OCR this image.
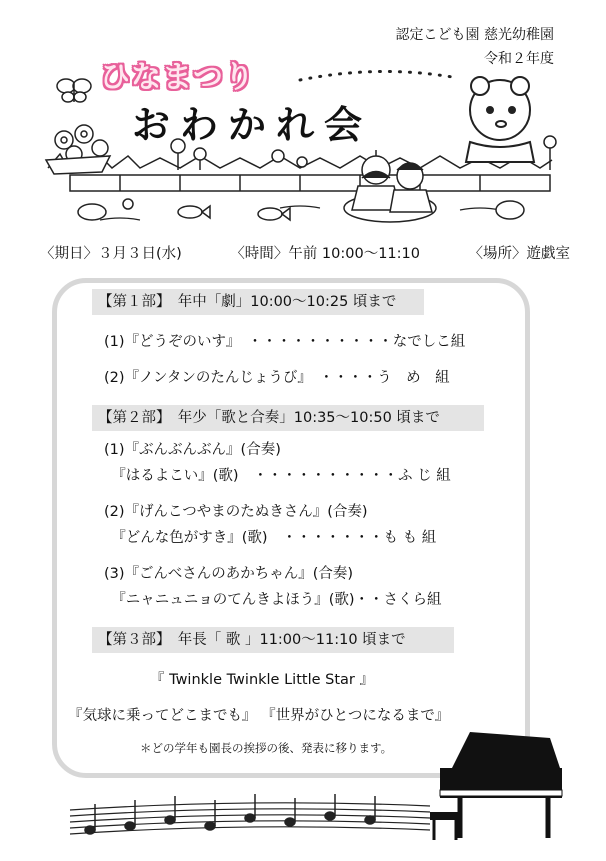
認定こども園 慈光幼稚園
令和２年度
ひなまつり
おわかれ会
〈期日〉３月３日(水)	〈時間〉午前 10:00～11:10	〈場所〉遊戯室
【第１部】　年中「劇」10:00～10:25 頃まで
(1)『どうぞのいす』　・・・・・・・・・・なでしこ組
(2)『ノンタンのたんじょうび』　・・・・う　め　組
【第２部】　年少「歌と合奏」10:35～10:50 頃まで
(1)『ぶんぶんぶん』(合奏)
　『はるよこい』(歌)　・・・・・・・・・・ふ じ 組
(2)『げんこつやまのたぬきさん』(合奏)
　『どんな色がすき』(歌)　・・・・・・・も も 組
(3)『ごんべさんのあかちゃん』(合奏)
　『ニャニュニョのてんきよほう』(歌)・・さくら組
【第３部】　年長「 歌 」11:00～11:10 頃まで
『 Twinkle Twinkle Little Star 』
『気球に乗ってどこまでも』 『世界がひとつになるまで』
＊どの学年も園長の挨拶の後、発表に移ります。
